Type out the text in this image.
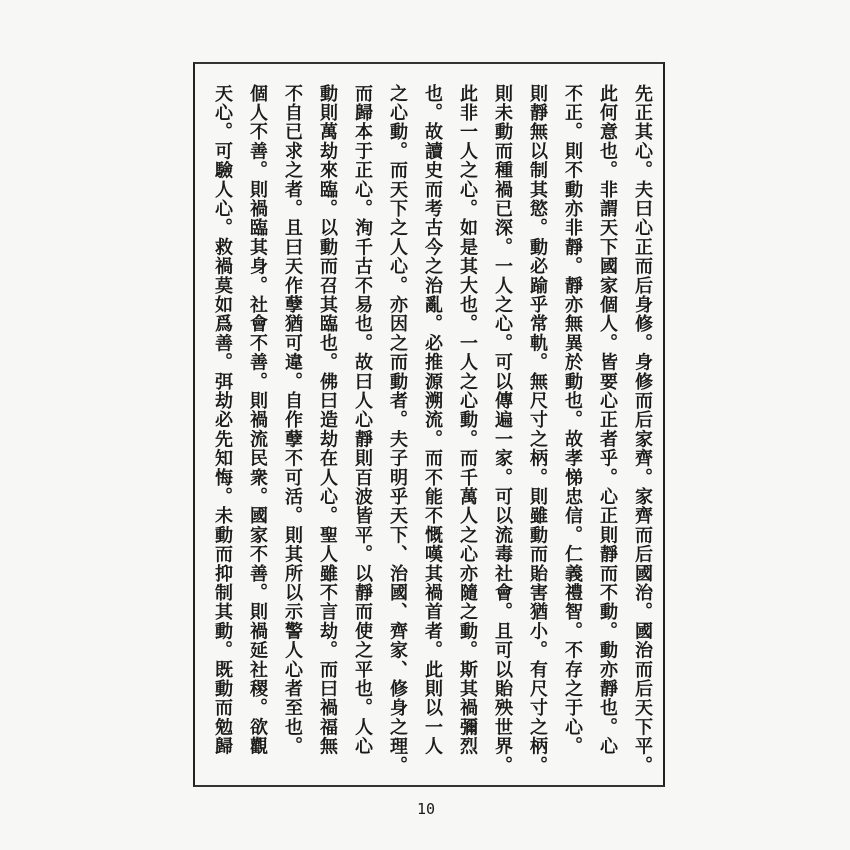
先正其心。夫曰心正而后身修。身修而后家齊。家齊而后國治。國治而后天下平。
此何意也。非謂天下國家個人。皆要心正者乎。心正則靜而不動。動亦靜也。心
不正。則不動亦非靜。靜亦無異於動也。故孝悌忠信。仁義禮智。不存之于心。
則靜無以制其慾。動必踰乎常軌。無尺寸之柄。則雖動而貽害猶小。有尺寸之柄。
則未動而種禍已深。一人之心。可以傳遍一家。可以流毒社會。且可以貽殃世界。
此非一人之心。如是其大也。一人之心動。而千萬人之心亦隨之動。斯其禍彌烈
也。故讀史而考古今之治亂。必推源溯流。而不能不慨嘆其禍首者。此則以一人
之心動。而天下之人心。亦因之而動者。夫子明乎天下、治國、齊家、修身之理。
而歸本于正心。洵千古不易也。故曰人心靜則百波皆平。以靜而使之平也。人心
動則萬劫來臨。以動而召其臨也。佛曰造劫在人心。聖人雖不言劫。而曰禍福無
不自已求之者。且曰天作孽猶可違。自作孽不可活。則其所以示警人心者至也。
個人不善。則禍臨其身。社會不善。則禍流民衆。國家不善。則禍延社稷。欲觀
天心。可驗人心。救禍莫如爲善。弭劫必先知悔。未動而抑制其動。既動而勉歸
10
